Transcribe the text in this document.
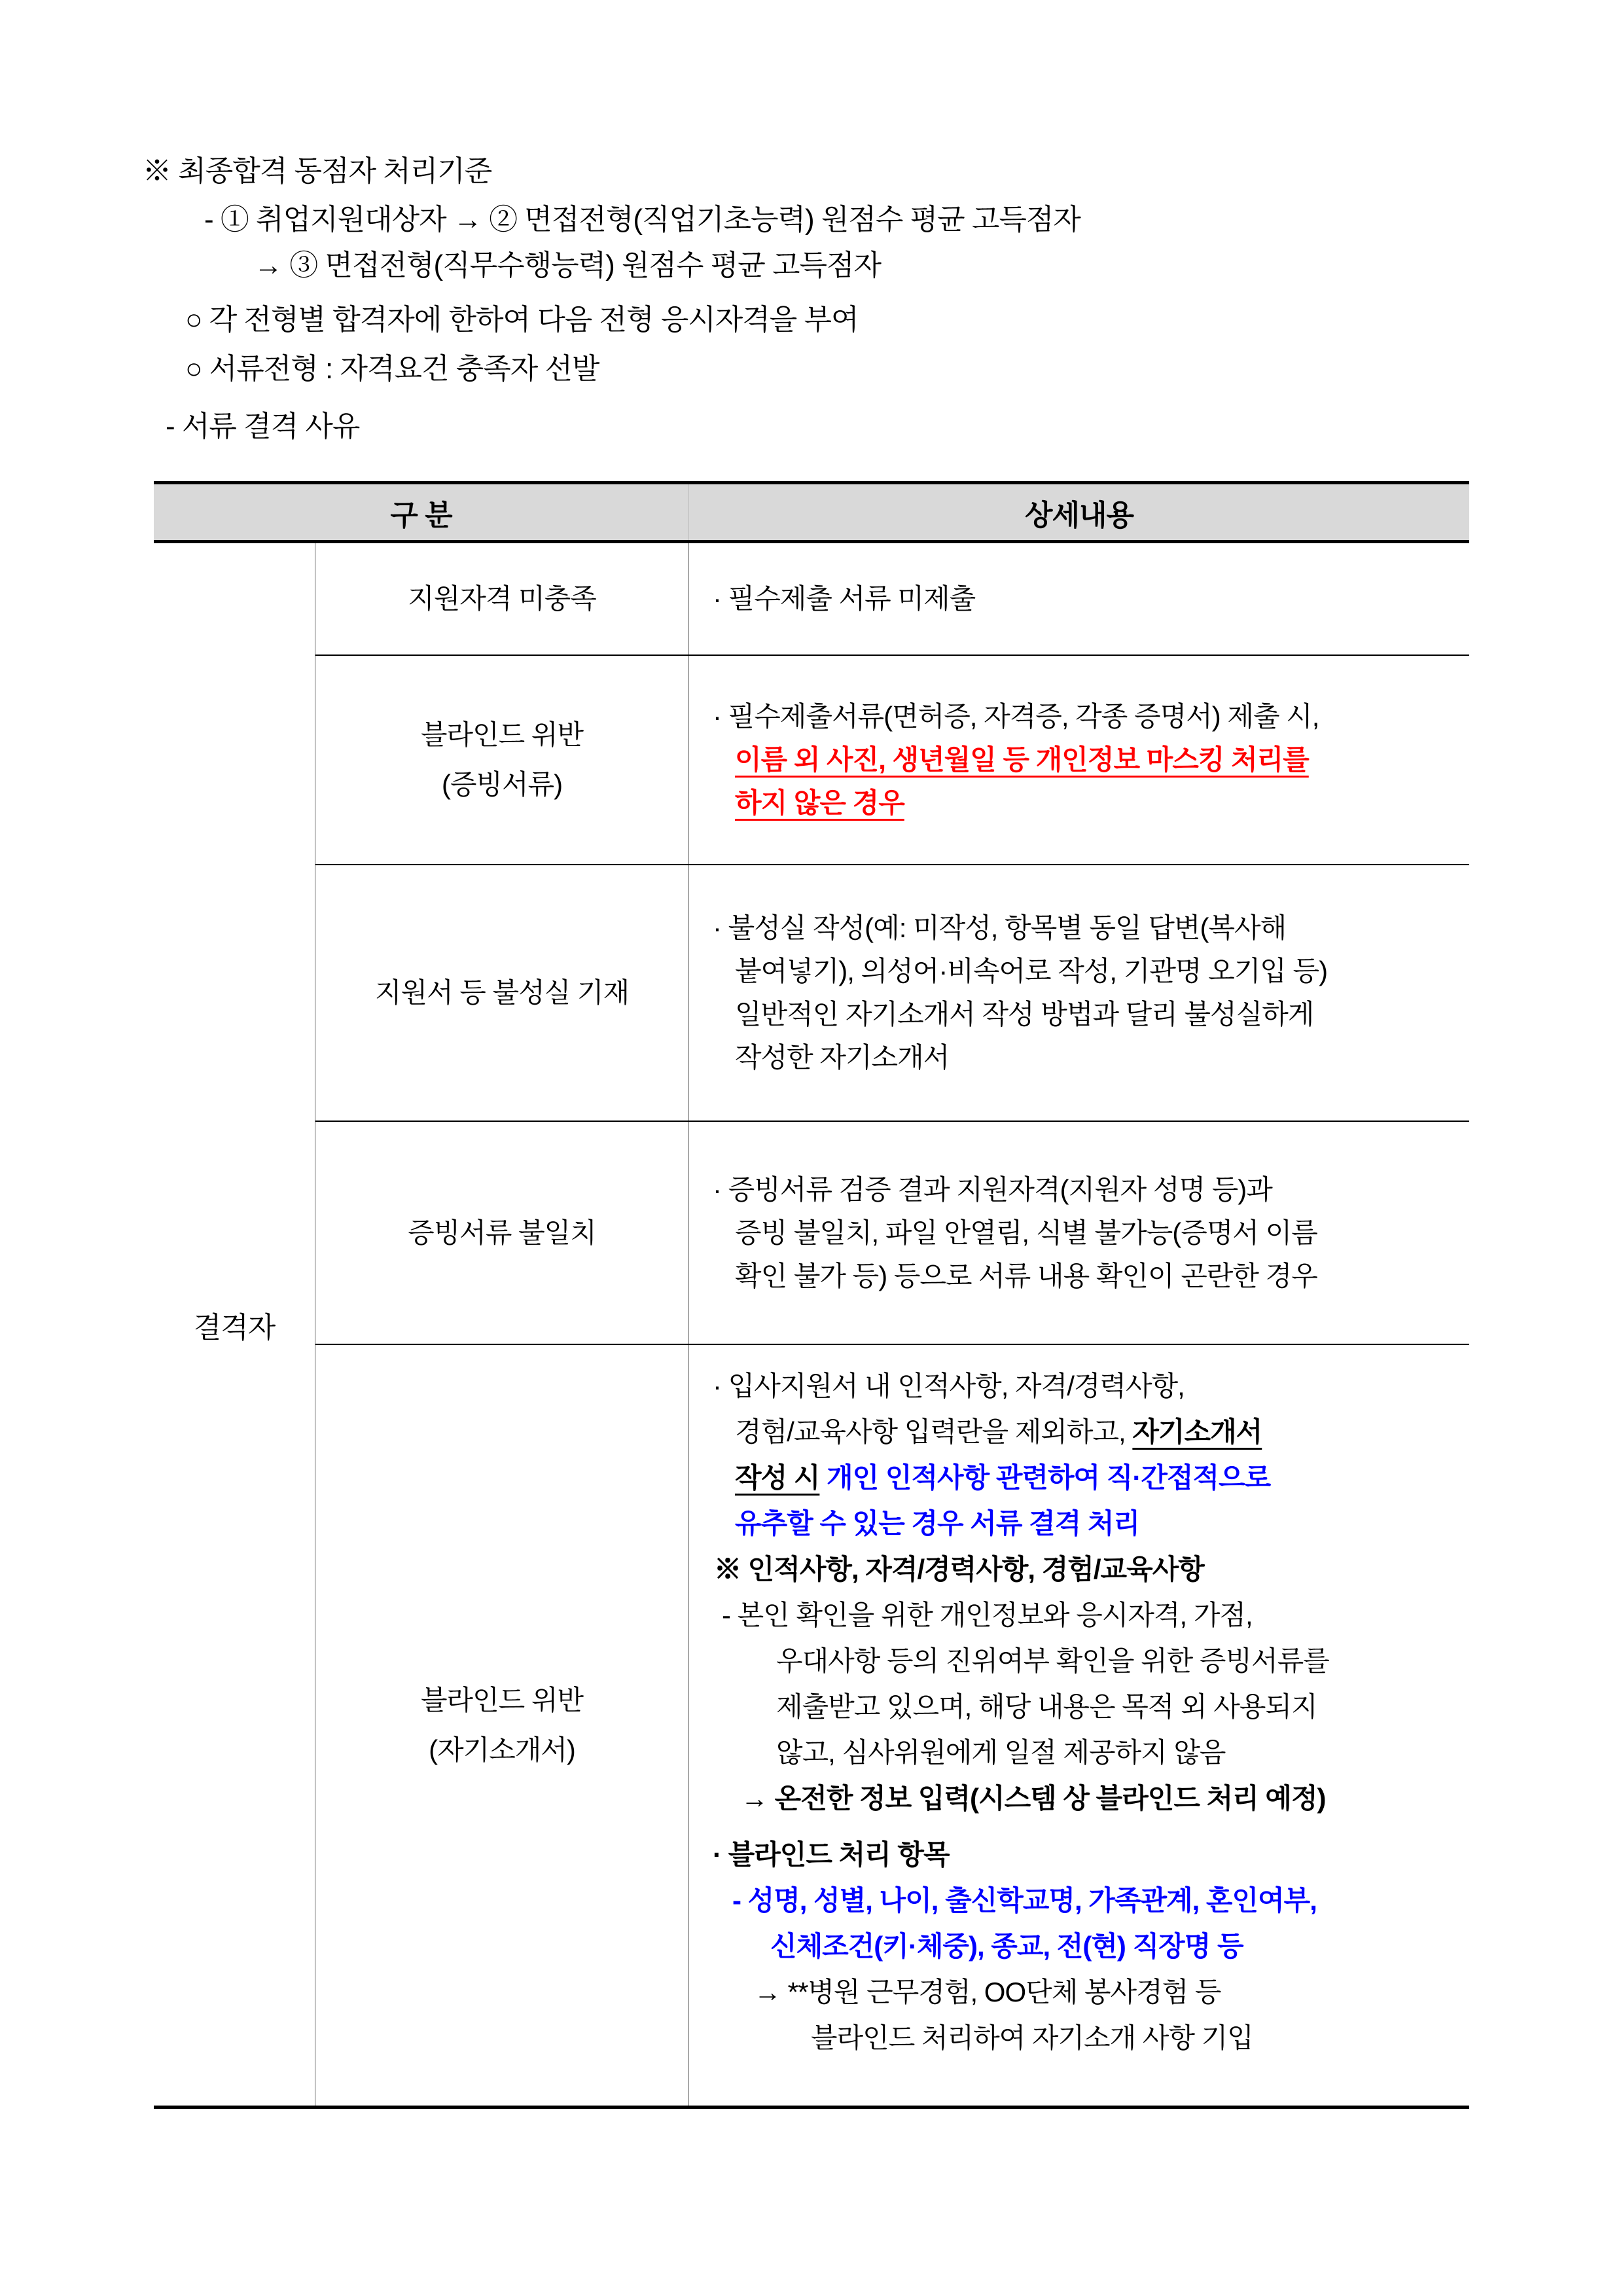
※ 최종합격 동점자 처리기준
- ① 취업지원대상자 → ② 면접전형(직업기초능력) 원점수 평균 고득점자
→ ③ 면접전형(직무수행능력) 원점수 평균 고득점자
○ 각 전형별 합격자에 한하여 다음 전형 응시자격을 부여
○ 서류전형 : 자격요건 충족자 선발
- 서류 결격 사유
구 분	상세내용
결격자
지원자격 미충족	· 필수제출 서류 미제출
블라인드 위반
(증빙서류)
· 필수제출서류(면허증, 자격증, 각종 증명서) 제출 시,
이름 외 사진, 생년월일 등 개인정보 마스킹 처리를
하지 않은 경우
지원서 등 불성실 기재
· 불성실 작성(예: 미작성, 항목별 동일 답변(복사해
붙여넣기), 의성어·비속어로 작성, 기관명 오기입 등)
일반적인 자기소개서 작성 방법과 달리 불성실하게
작성한 자기소개서
증빙서류 불일치
· 증빙서류 검증 결과 지원자격(지원자 성명 등)과
증빙 불일치, 파일 안열림, 식별 불가능(증명서 이름
확인 불가 등) 등으로 서류 내용 확인이 곤란한 경우
블라인드 위반
(자기소개서)
· 입사지원서 내 인적사항, 자격/경력사항,
경험/교육사항 입력란을 제외하고, 자기소개서
작성 시 개인 인적사항 관련하여 직·간접적으로
유추할 수 있는 경우 서류 결격 처리
※ 인적사항, 자격/경력사항, 경험/교육사항
- 본인 확인을 위한 개인정보와 응시자격, 가점,
우대사항 등의 진위여부 확인을 위한 증빙서류를
제출받고 있으며, 해당 내용은 목적 외 사용되지
않고, 심사위원에게 일절 제공하지 않음
→ 온전한 정보 입력(시스템 상 블라인드 처리 예정)
· 블라인드 처리 항목
- 성명, 성별, 나이, 출신학교명, 가족관계, 혼인여부,
신체조건(키·체중), 종교, 전(현) 직장명 등
→ **병원 근무경험, OO단체 봉사경험 등
블라인드 처리하여 자기소개 사항 기입
